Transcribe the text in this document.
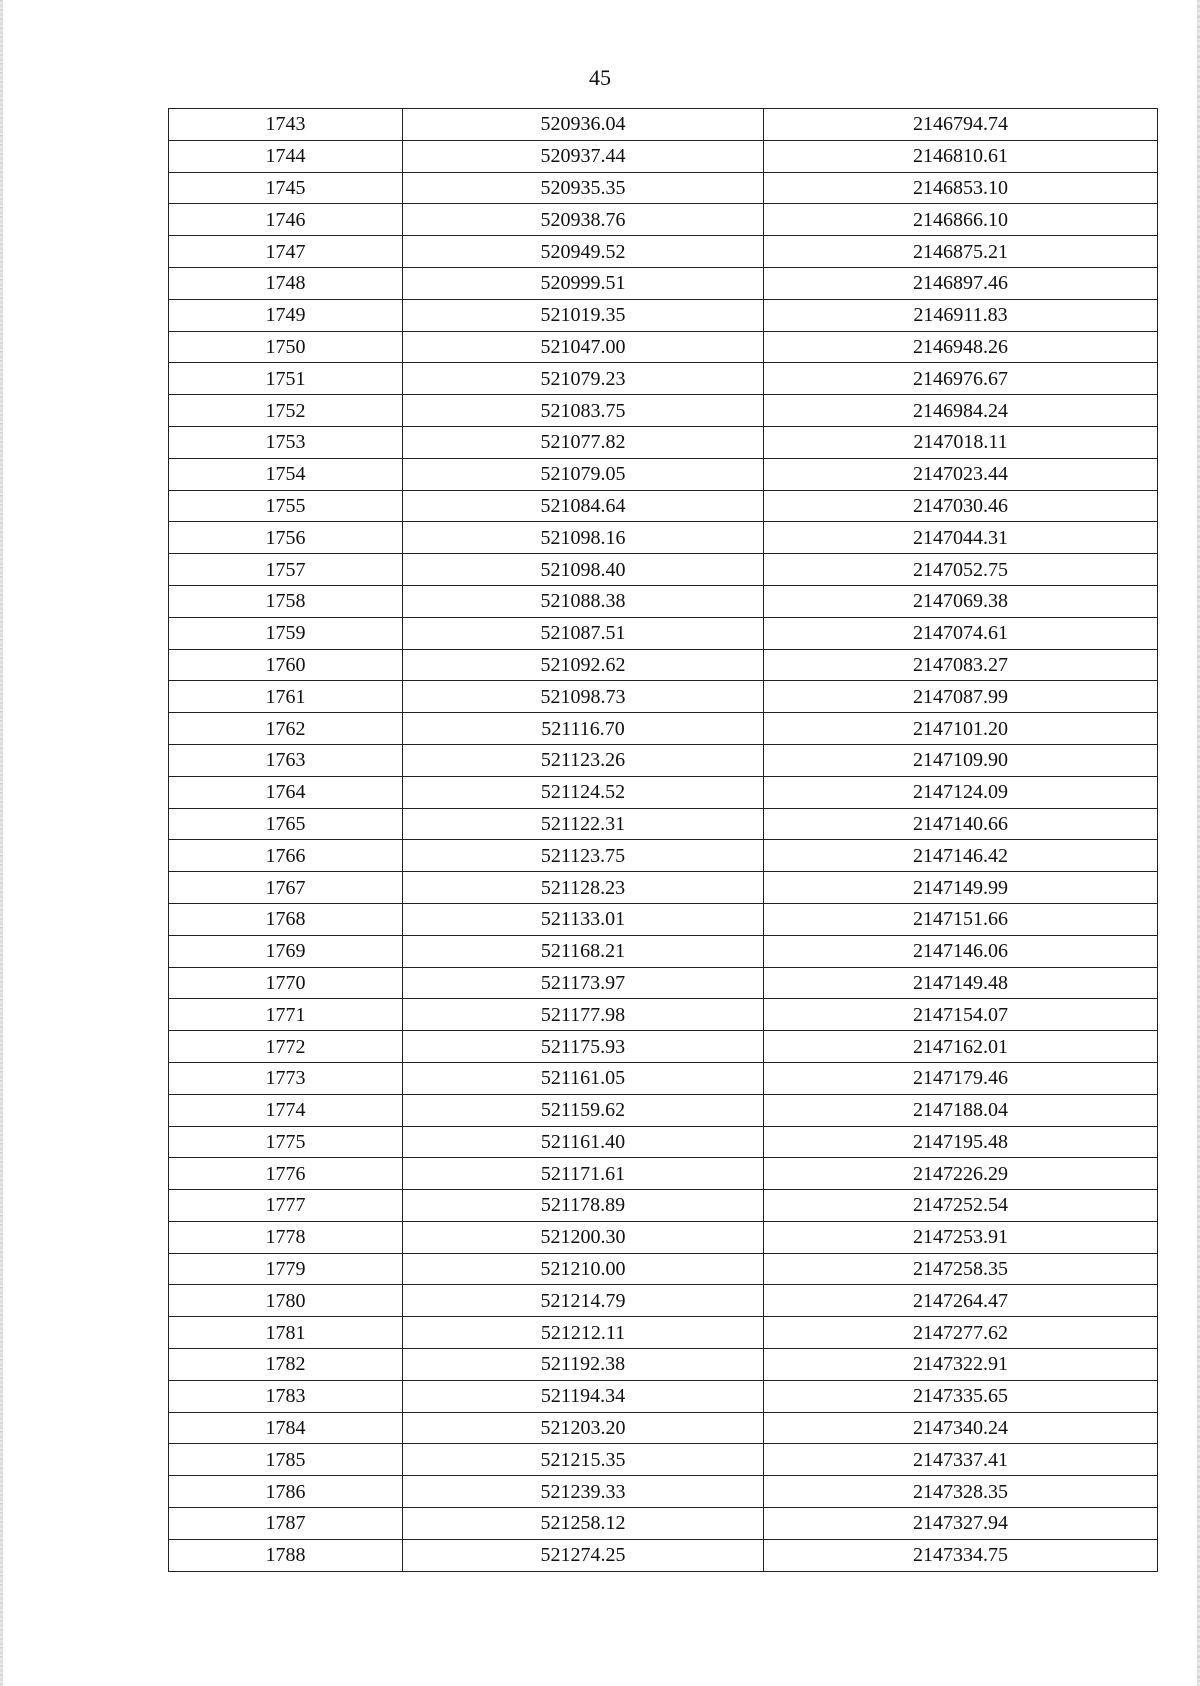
45
1743	520936.04	2146794.74
1744	520937.44	2146810.61
1745	520935.35	2146853.10
1746	520938.76	2146866.10
1747	520949.52	2146875.21
1748	520999.51	2146897.46
1749	521019.35	2146911.83
1750	521047.00	2146948.26
1751	521079.23	2146976.67
1752	521083.75	2146984.24
1753	521077.82	2147018.11
1754	521079.05	2147023.44
1755	521084.64	2147030.46
1756	521098.16	2147044.31
1757	521098.40	2147052.75
1758	521088.38	2147069.38
1759	521087.51	2147074.61
1760	521092.62	2147083.27
1761	521098.73	2147087.99
1762	521116.70	2147101.20
1763	521123.26	2147109.90
1764	521124.52	2147124.09
1765	521122.31	2147140.66
1766	521123.75	2147146.42
1767	521128.23	2147149.99
1768	521133.01	2147151.66
1769	521168.21	2147146.06
1770	521173.97	2147149.48
1771	521177.98	2147154.07
1772	521175.93	2147162.01
1773	521161.05	2147179.46
1774	521159.62	2147188.04
1775	521161.40	2147195.48
1776	521171.61	2147226.29
1777	521178.89	2147252.54
1778	521200.30	2147253.91
1779	521210.00	2147258.35
1780	521214.79	2147264.47
1781	521212.11	2147277.62
1782	521192.38	2147322.91
1783	521194.34	2147335.65
1784	521203.20	2147340.24
1785	521215.35	2147337.41
1786	521239.33	2147328.35
1787	521258.12	2147327.94
1788	521274.25	2147334.75
